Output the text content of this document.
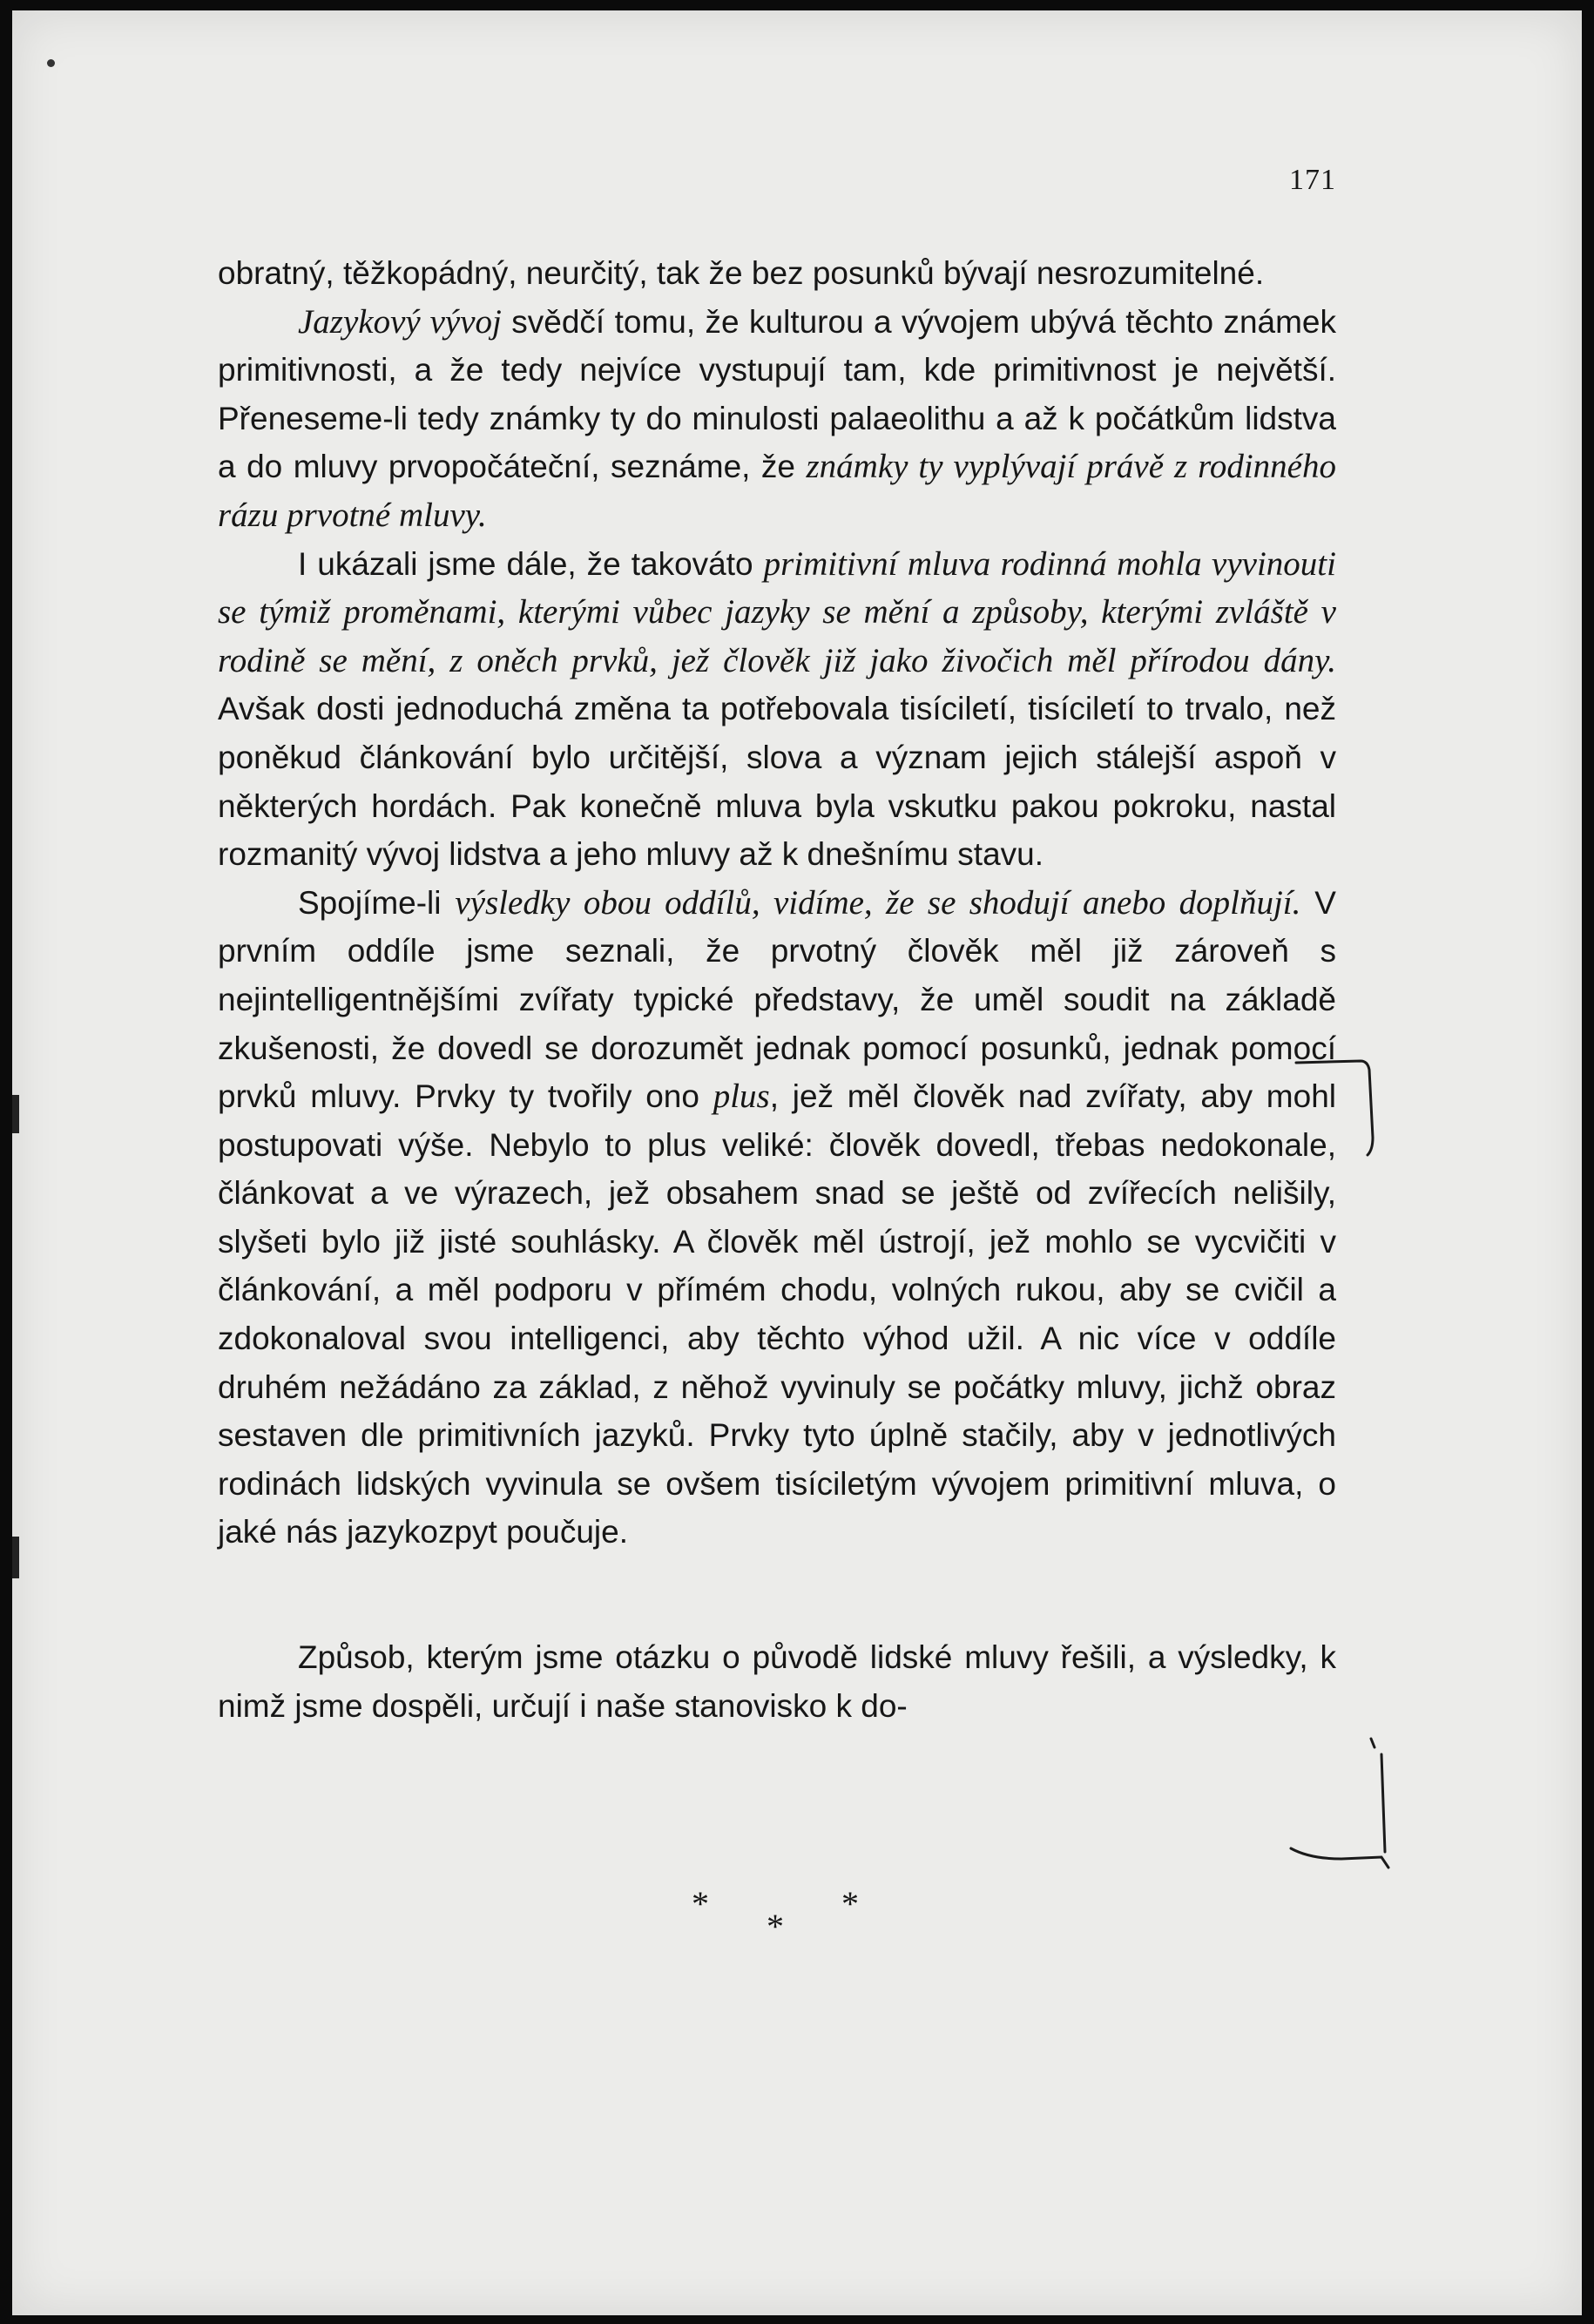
171

obratný, těžkopádný, neurčitý, tak že bez posunků bývají nesrozumitelné.

Jazykový vývoj svědčí tomu, že kulturou a vývojem ubývá těchto známek primitivnosti, a že tedy nejvíce vystupují tam, kde primitivnost je největší. Přeneseme-li tedy známky ty do minulosti palaeolithu a až k počátkům lidstva a do mluvy prvopočáteční, seznáme, že známky ty vyplývají právě z rodinného rázu prvotné mluvy.

I ukázali jsme dále, že takováto primitivní mluva rodinná mohla vyvinouti se týmiž proměnami, kterými vůbec jazyky se mění a způsoby, kterými zvláště v rodině se mění, z oněch prvků, jež člověk již jako živočich měl přírodou dány. Avšak dosti jednoduchá změna ta potřebovala tisíciletí, tisíciletí to trvalo, než poněkud článkování bylo určitější, slova a význam jejich stálejší aspoň v některých hordách. Pak konečně mluva byla vskutku pakou pokroku, nastal rozmanitý vývoj lidstva a jeho mluvy až k dnešnímu stavu.

Spojíme-li výsledky obou oddílů, vidíme, že se shodují anebo doplňují. V prvním oddíle jsme seznali, že prvotný člověk měl již zároveň s nejintelligentnějšími zvířaty typické představy, že uměl soudit na základě zkušenosti, že dovedl se dorozumět jednak pomocí posunků, jednak pomocí prvků mluvy. Prvky ty tvořily ono plus, jež měl člověk nad zvířaty, aby mohl postupovati výše. Nebylo to plus veliké: člověk dovedl, třebas nedokonale, článkovat a ve výrazech, jež obsahem snad se ještě od zvířecích nelišily, slyšeti bylo již jisté souhlásky. A člověk měl ústrojí, jež mohlo se vycvičiti v článkování, a měl podporu v přímém chodu, volných rukou, aby se cvičil a zdokonaloval svou intelligenci, aby těchto výhod užil. A nic více v oddíle druhém nežádáno za základ, z něhož vyvinuly se počátky mluvy, jichž obraz sestaven dle primitivních jazyků. Prvky tyto úplně stačily, aby v jednotlivých rodinách lidských vyvinula se ovšem tisíciletým vývojem primitivní mluva, o jaké nás jazykozpyt poučuje.

Způsob, kterým jsme otázku o původě lidské mluvy řešili, a výsledky, k nimž jsme dospěli, určují i naše stanovisko k do-

*
*
*
